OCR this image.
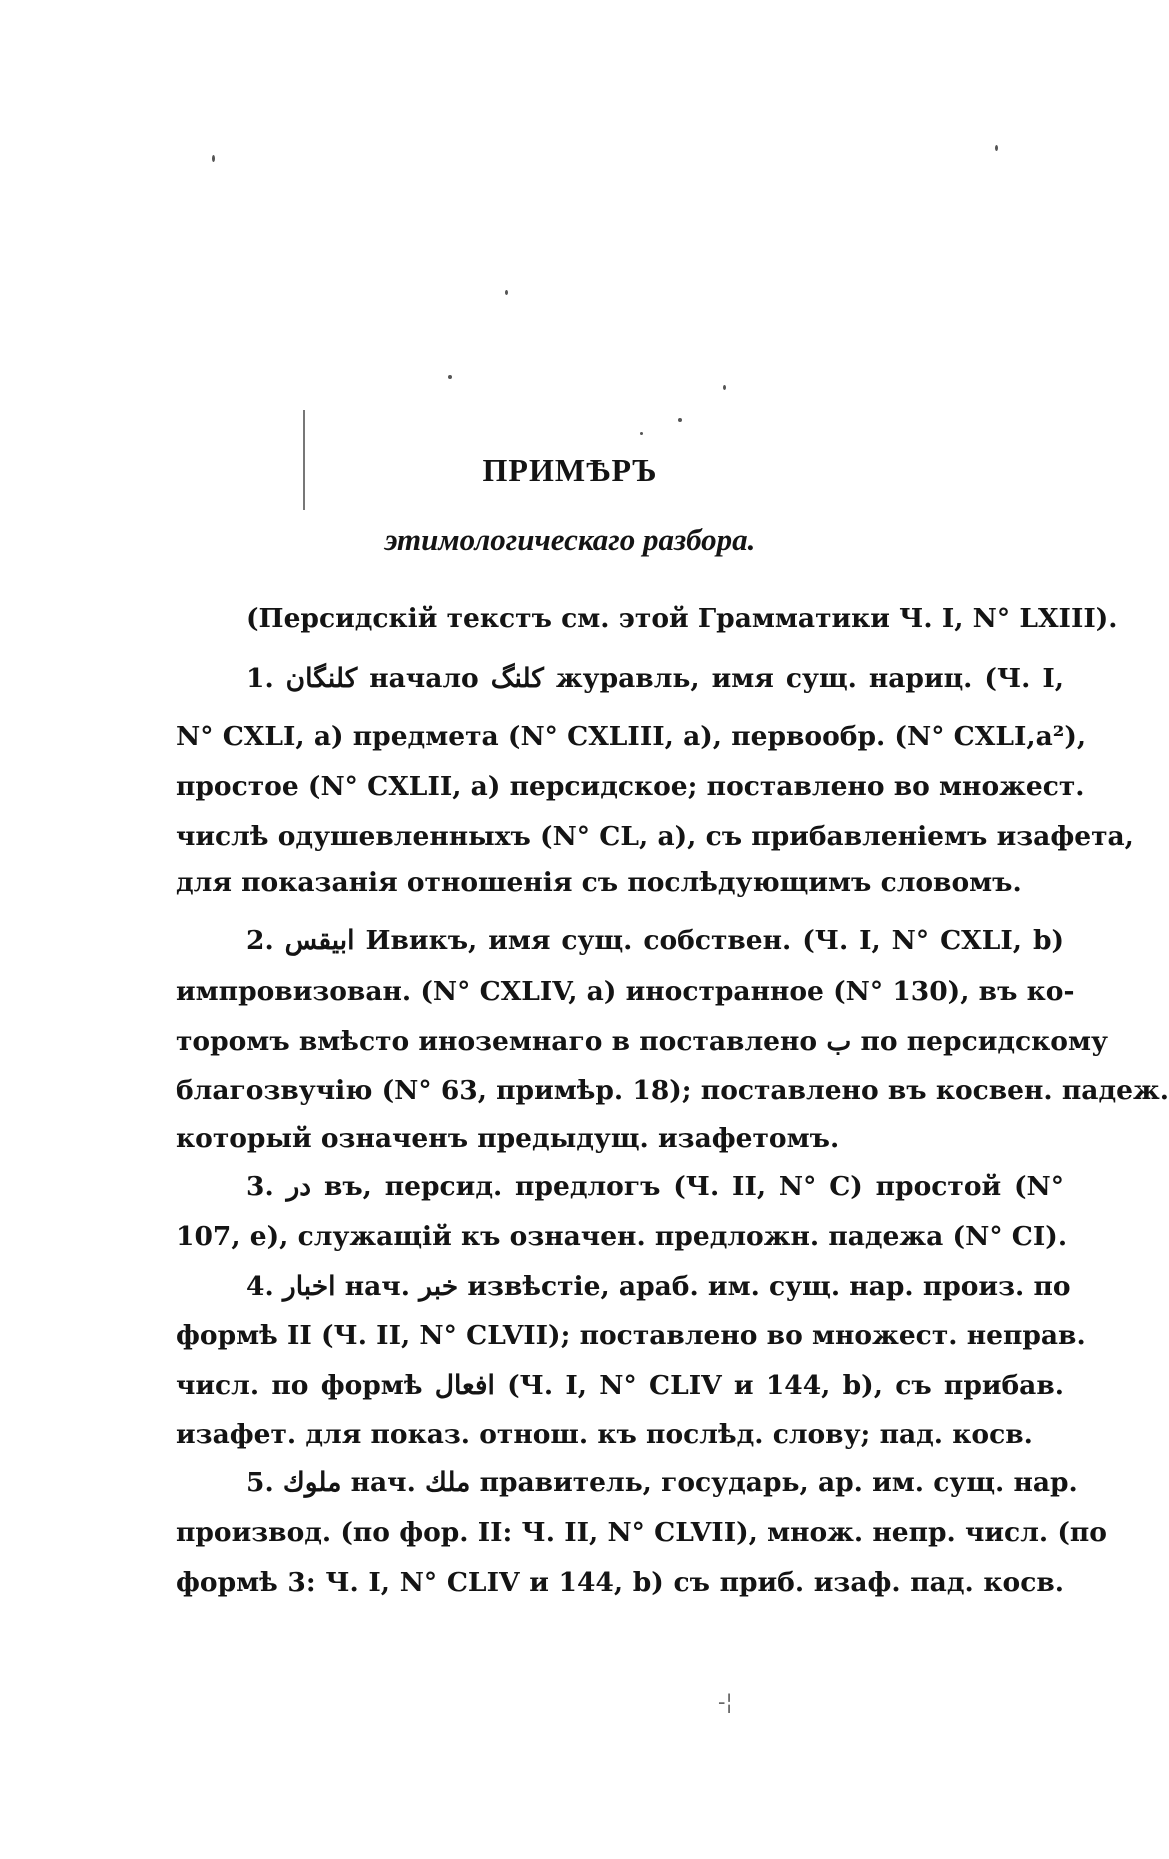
ПРИМѢРЪ
этимологическаго разбора.
(Персидскій текстъ см. этой Грамматики Ч. I, N° LXIII).
1. کلنگان начало کلنگ журавль, имя сущ. нариц. (Ч. I,
N° CXLI, а) предмета (N° CXLIII, а), первообр. (N° CXLI,а²),
простое (N° CXLII, а) персидское; поставлено во множест.
числѣ одушевленныхъ (N° CL, а), съ прибавленіемъ изафета,
для показанія отношенія съ послѣдующимъ словомъ.
2. ابیقس Ивикъ, имя сущ. собствен. (Ч. I, N° CXLI, b)
импровизован. (N° CXLIV, а) иностранное (N° 130), въ ко-
торомъ вмѣсто иноземнаго в поставлено ب по персидскому
благозвучію (N° 63, примѣр. 18); поставлено въ косвен. падеж.
который означенъ предыдущ. изафетомъ.
3. در въ, персид. предлогъ (Ч. II, N° С) простой (N°
107, е), служащій къ означен. предложн. падежа (N° CI).
4. اخبار нач. خبر извѣстіе, араб. им. сущ. нар. произ. по
формѣ II (Ч. II, N° CLVII); поставлено во множест. неправ.
числ. по формѣ افعال (Ч. I, N° CLIV и 144, b), съ прибав.
изафет. для показ. отнош. къ послѣд. слову; пад. косв.
5. ملوك нач. ملك правитель, государь, ар. им. сущ. нар.
производ. (по фор. II: Ч. II, N° CLVII), множ. непр. числ. (по
формѣ 3: Ч. I, N° CLIV и 144, b) съ приб. изаф. пад. косв.
-¦
